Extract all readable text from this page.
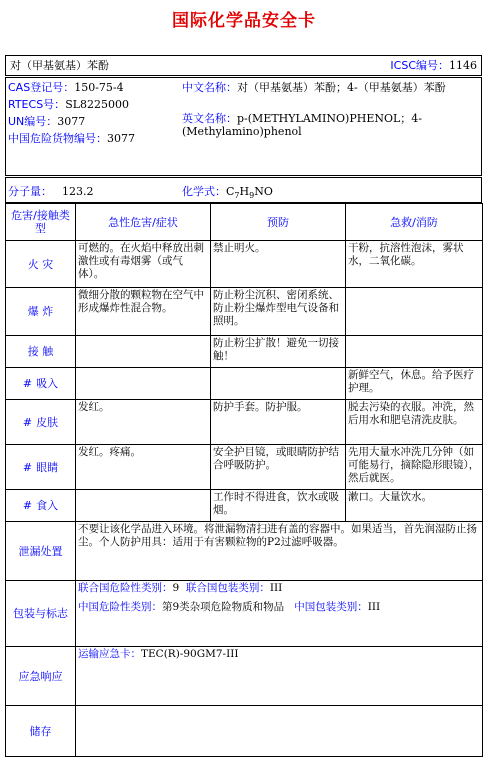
国际化学品安全卡
对（甲基氨基）苯酚	ICSC编号：1146
CAS登记号：150-75-4
RTECS号：SL8225000
UN编号：3077
中国危险货物编号：3077
中文名称：对（甲基氨基）苯酚；4-（甲基氨基）苯酚
英文名称：p-(METHYLAMINO)PHENOL；4-(Methylamino)phenol
分子量： 123.2	化学式：$C_7H_9NO$
危害/接触类型	急性危害/症状	预防	急救/消防
火 灾	可燃的。在火焰中释放出刺激性或有毒烟雾（或气体）。	禁止明火。	干粉，抗溶性泡沫，雾状水，二氧化碳。
爆 炸	微细分散的颗粒物在空气中形成爆炸性混合物。	防止粉尘沉积、密闭系统、防止粉尘爆炸型电气设备和照明。	
接 触		防止粉尘扩散！避免一切接触！	

# 吸入			新鲜空气，休息。给予医疗护理。

# 皮肤	发红。	防护手套。防护服。	脱去污染的衣服。冲洗，然后用水和肥皂清洗皮肤。

# 眼睛	发红。疼痛。	安全护目镜，或眼睛防护结合呼吸防护。	先用大量水冲洗几分钟（如可能易行，摘除隐形眼镜），然后就医。

# 食入		工作时不得进食，饮水或吸烟。	漱口。大量饮水。
泄漏处置	不要让该化学品进入环境。将泄漏物清扫进有盖的容器中。如果适当，首先润湿防止扬尘。个人防护用具：适用于有害颗粒物的P2过滤呼吸器。		
包装与标志	联合国危险性类别：9 联合国包装类别：III
中国危险性类别：第9类杂项危险物质和物品 中国包装类别：III		

应急响应	运输应急卡：TEC(R)-90GM7-III		
储存			
